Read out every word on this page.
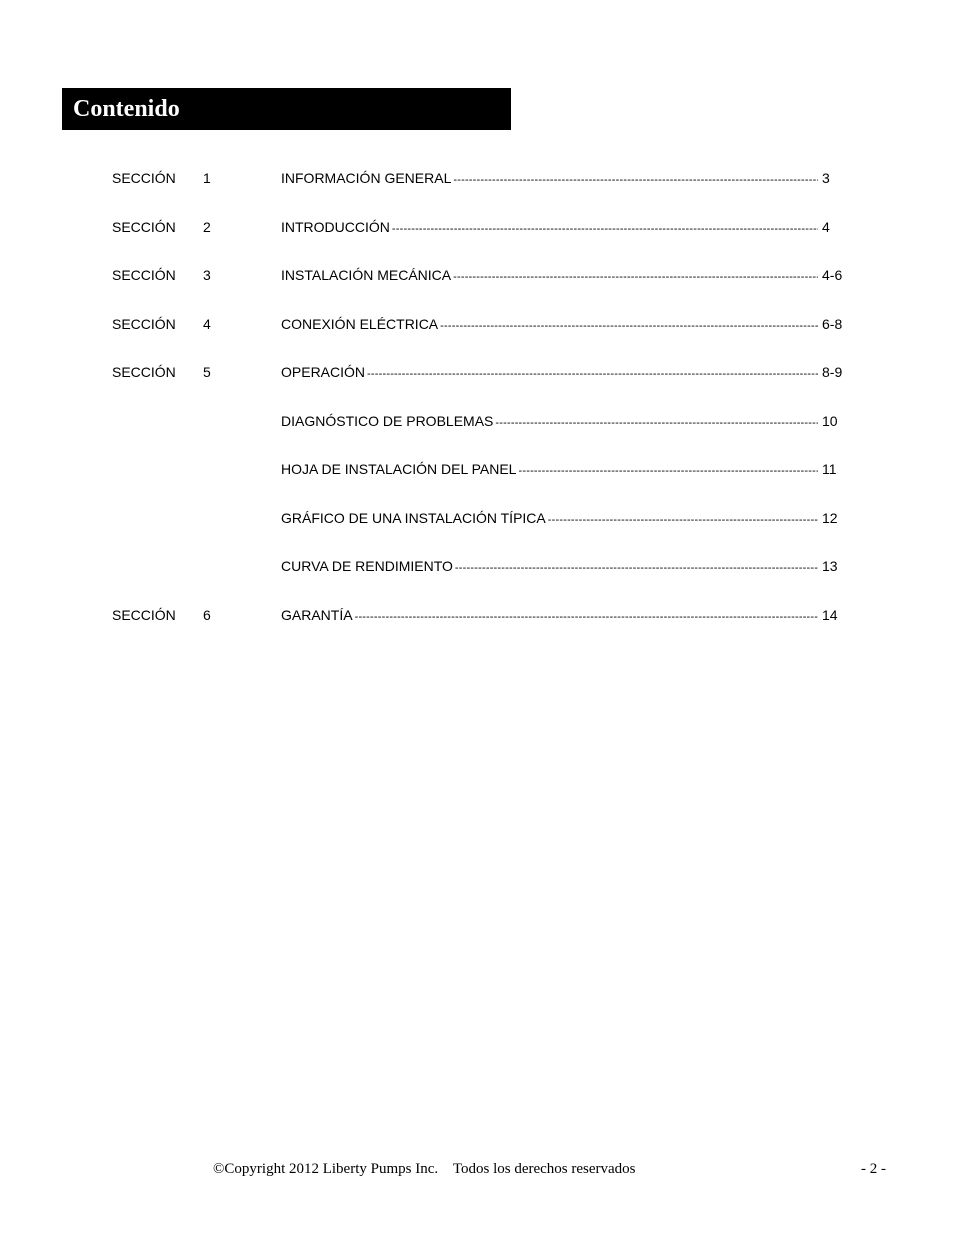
Contenido
SECCIÓN 1	INFORMACIÓN GENERAL -----	3
SECCIÓN 2	INTRODUCCIÓN -----	4
SECCIÓN 3	INSTALACIÓN MECÁNICA -----	4-6
SECCIÓN 4	CONEXIÓN ELÉCTRICA -----	6-8
SECCIÓN 5	OPERACIÓN -----	8-9
DIAGNÓSTICO DE PROBLEMAS -----	10
HOJA DE INSTALACIÓN DEL PANEL -----	11
GRÁFICO DE UNA INSTALACIÓN TÍPICA -----	12
CURVA DE RENDIMIENTO -----	13
SECCIÓN 6	GARANTÍA -----	14
©Copyright 2012 Liberty Pumps Inc.    Todos los derechos reservados	- 2 -
